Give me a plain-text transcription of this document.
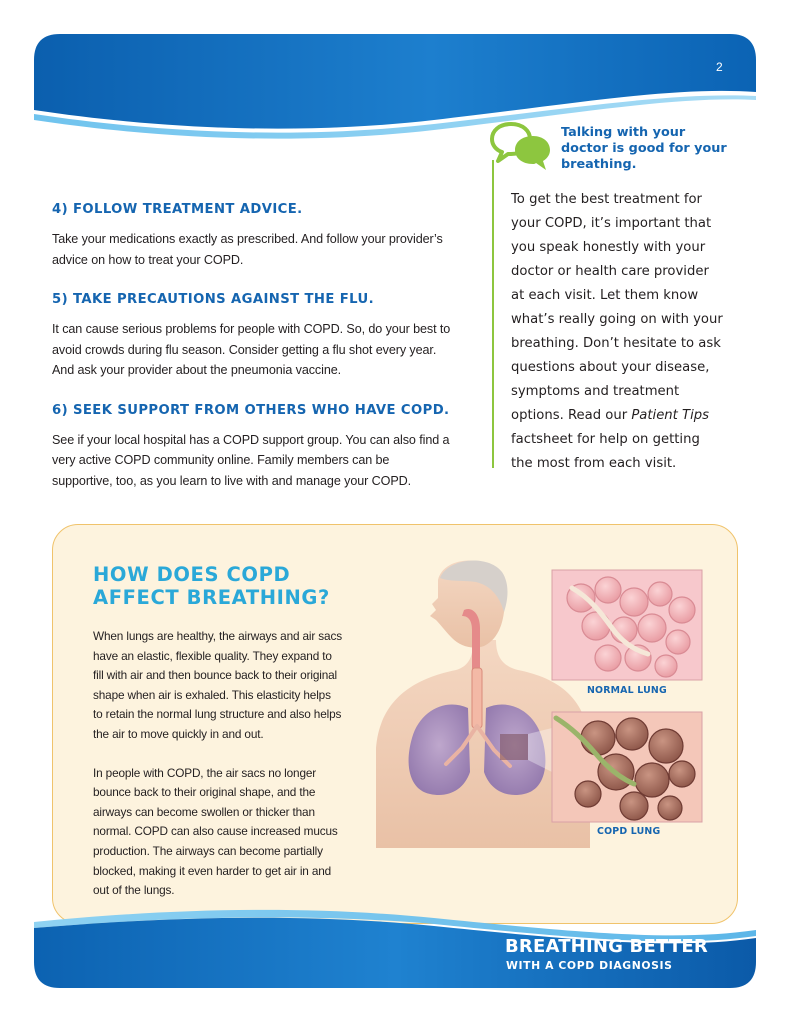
2
4) FOLLOW TREATMENT ADVICE.
Take your medications exactly as prescribed. And follow your provider’s advice on how to treat your COPD.
5) TAKE PRECAUTIONS AGAINST THE FLU.
It can cause serious problems for people with COPD. So, do your best to avoid crowds during flu season. Consider getting a flu shot every year. And ask your provider about the pneumonia vaccine.
6) SEEK SUPPORT FROM OTHERS WHO HAVE COPD.
See if your local hospital has a COPD support group. You can also find a very active COPD community online. Family members can be supportive, too, as you learn to live with and manage your COPD.
Talking with your doctor is good for your breathing.
To get the best treatment for
your COPD, it’s important that
you speak honestly with your
doctor or health care provider
at each visit. Let them know
what’s really going on with your
breathing. Don’t hesitate to ask
questions about your disease,
symptoms and treatment
options. Read our Patient Tips
factsheet for help on getting
the most from each visit.
HOW DOES COPD
AFFECT BREATHING?

When lungs are healthy, the airways and air sacs have an elastic, flexible quality. They expand to fill with air and then bounce back to their original shape when air is exhaled. This elasticity helps to retain the normal lung structure and also helps the air to move quickly in and out.

In people with COPD, the air sacs no longer bounce back to their original shape, and the airways can become swollen or thicker than normal. COPD can also cause increased mucus production. The airways can become partially blocked, making it even harder to get air in and out of the lungs.

NORMAL LUNG
COPD LUNG
BREATHING BETTER
WITH A COPD DIAGNOSIS
